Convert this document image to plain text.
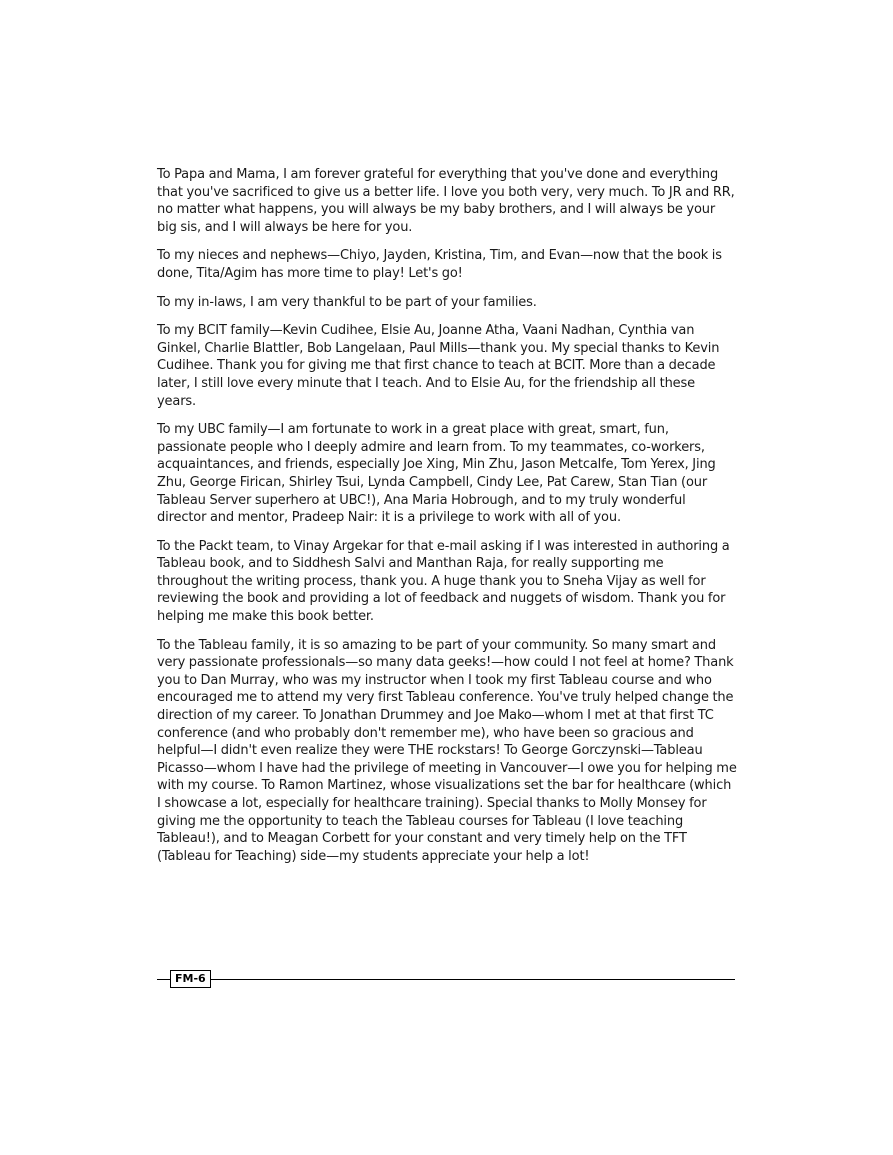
To Papa and Mama, I am forever grateful for everything that you've done and everything that you've sacrificed to give us a better life. I love you both very, very much. To JR and RR, no matter what happens, you will always be my baby brothers, and I will always be your big sis, and I will always be here for you.

To my nieces and nephews—Chiyo, Jayden, Kristina, Tim, and Evan—now that the book is done, Tita/Agim has more time to play! Let's go!

To my in-laws, I am very thankful to be part of your families.

To my BCIT family—Kevin Cudihee, Elsie Au, Joanne Atha, Vaani Nadhan, Cynthia van Ginkel, Charlie Blattler, Bob Langelaan, Paul Mills—thank you. My special thanks to Kevin Cudihee. Thank you for giving me that first chance to teach at BCIT. More than a decade later, I still love every minute that I teach. And to Elsie Au, for the friendship all these years.

To my UBC family—I am fortunate to work in a great place with great, smart, fun, passionate people who I deeply admire and learn from. To my teammates, co-workers, acquaintances, and friends, especially Joe Xing, Min Zhu, Jason Metcalfe, Tom Yerex, Jing Zhu, George Firican, Shirley Tsui, Lynda Campbell, Cindy Lee, Pat Carew, Stan Tian (our Tableau Server superhero at UBC!), Ana Maria Hobrough, and to my truly wonderful director and mentor, Pradeep Nair: it is a privilege to work with all of you.

To the Packt team, to Vinay Argekar for that e-mail asking if I was interested in authoring a Tableau book, and to Siddhesh Salvi and Manthan Raja, for really supporting me throughout the writing process, thank you. A huge thank you to Sneha Vijay as well for reviewing the book and providing a lot of feedback and nuggets of wisdom. Thank you for helping me make this book better.

To the Tableau family, it is so amazing to be part of your community. So many smart and very passionate professionals—so many data geeks!—how could I not feel at home? Thank you to Dan Murray, who was my instructor when I took my first Tableau course and who encouraged me to attend my very first Tableau conference. You've truly helped change the direction of my career. To Jonathan Drummey and Joe Mako—whom I met at that first TC conference (and who probably don't remember me), who have been so gracious and helpful—I didn't even realize they were THE rockstars! To George Gorczynski—Tableau Picasso—whom I have had the privilege of meeting in Vancouver—I owe you for helping me with my course. To Ramon Martinez, whose visualizations set the bar for healthcare (which I showcase a lot, especially for healthcare training). Special thanks to Molly Monsey for giving me the opportunity to teach the Tableau courses for Tableau (I love teaching Tableau!), and to Meagan Corbett for your constant and very timely help on the TFT (Tableau for Teaching) side—my students appreciate your help a lot!

FM-6
